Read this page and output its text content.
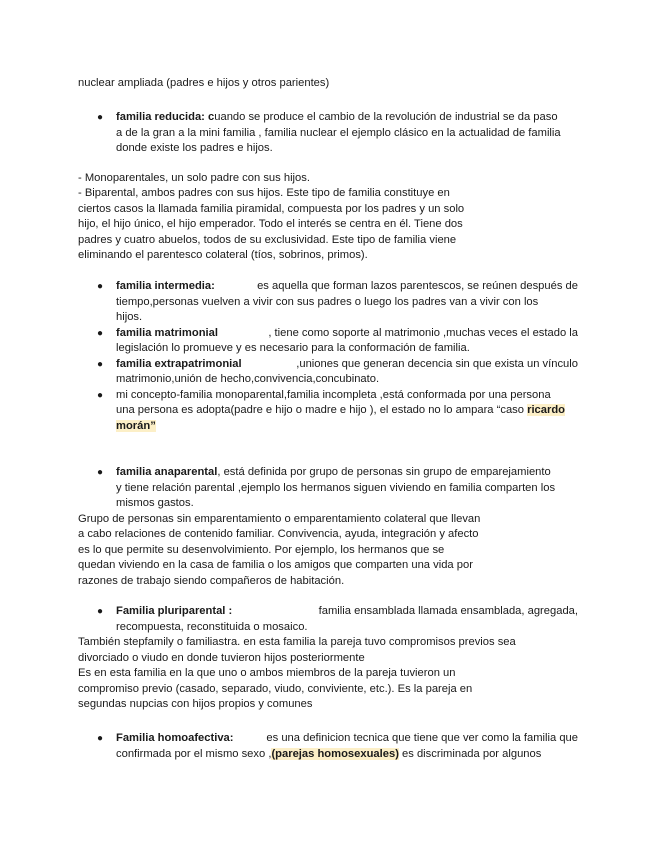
nuclear ampliada (padres e hijos y otros parientes)
● familia reducida: cuando se produce el cambio de la revolución de industrial se da paso
a de la gran a la mini familia , familia nuclear el ejemplo clásico en la actualidad de familia
donde existe los padres e hijos.
- Monoparentales, un solo padre con sus hijos.
- Biparental, ambos padres con sus hijos. Este tipo de familia constituye en
ciertos casos la llamada familia piramidal, compuesta por los padres y un solo
hijo, el hijo único, el hijo emperador. Todo el interés se centra en él. Tiene dos
padres y cuatro abuelos, todos de su exclusividad. Este tipo de familia viene
eliminando el parentesco colateral (tíos, sobrinos, primos).
● familia intermedia:	es aquella que forman lazos parentescos, se reúnen después de
tiempo,personas vuelven a vivir con sus padres o luego los padres van a vivir con los
hijos.
● familia matrimonial	, tiene como soporte al matrimonio ,muchas veces el estado la
legislación lo promueve y es necesario para la conformación de familia.
● familia extrapatrimonial	,uniones que generan decencia sin que exista un vínculo
matrimonio,unión de hecho,convivencia,concubinato.
● mi concepto-familia monoparental,familia incompleta ,está conformada por una persona
una persona es adopta(padre e hijo o madre e hijo ), el estado no lo ampara “caso ricardo
morán”
● familia anaparental, está definida por grupo de personas sin grupo de emparejamiento
y tiene relación parental ,ejemplo los hermanos siguen viviendo en familia comparten los
mismos gastos.
Grupo de personas sin emparentamiento o emparentamiento colateral que llevan
a cabo relaciones de contenido familiar. Convivencia, ayuda, integración y afecto
es lo que permite su desenvolvimiento. Por ejemplo, los hermanos que se
quedan viviendo en la casa de familia o los amigos que comparten una vida por
razones de trabajo siendo compañeros de habitación.
● Familia pluriparental :	familia ensamblada llamada ensamblada, agregada,
recompuesta, reconstituida o mosaico.
También stepfamily o familiastra. en esta familia la pareja tuvo compromisos previos sea
divorciado o viudo en donde tuvieron hijos posteriormente
Es en esta familia en la que uno o ambos miembros de la pareja tuvieron un
compromiso previo (casado, separado, viudo, conviviente, etc.). Es la pareja en
segundas nupcias con hijos propios y comunes
● Familia homoafectiva:	es una definicion tecnica que tiene que ver como la familia que
confirmada por el mismo sexo ,(parejas homosexuales) es discriminada por algunos
